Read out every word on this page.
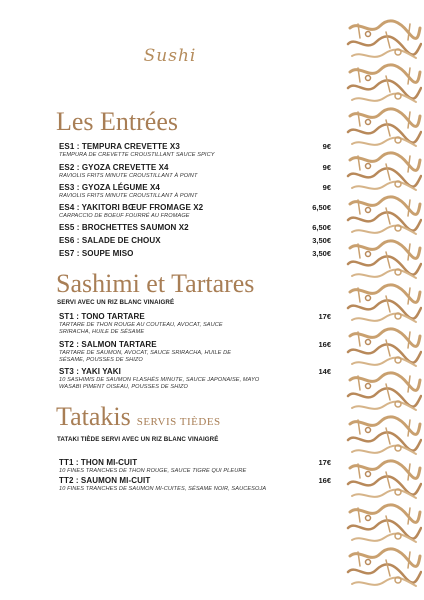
Sushi
Les Entrées
ES1 : TEMPURA CREVETTE X3	9€
TEMPURA DE CREVETTE CROUSTILLANT SAUCE SPICY
ES2 : GYOZA CREVETTE X4	9€
RAVIOLIS FRITS MINUTE CROUSTILLANT À POINT
ES3 : GYOZA LÉGUME X4	9€
RAVIOLIS FRITS MINUTE CROUSTILLANT À POINT
ES4 : YAKITORI BŒUF FROMAGE X2	6,50€
CARPACCIO DE BOEUF FOURRÉ AU FROMAGE
ES5 : BROCHETTES SAUMON X2	6,50€
ES6 : SALADE DE CHOUX	3,50€
ES7 : SOUPE MISO	3,50€
Sashimi et Tartares
SERVI AVEC UN RIZ BLANC VINAIGRÉ
ST1 : TONO TARTARE	17€
TARTARE DE THON ROUGE AU COUTEAU, AVOCAT, SAUCE SRIRACHA, HUILE DE SÉSAME
ST2 : SALMON TARTARE	16€
TARTARE DE SAUMON, AVOCAT, SAUCE SRIRACHA, HUILE DE SÉSAME, POUSSES DE SHIZO
ST3 : YAKI YAKI	14€
10 SASHIMIS DE SAUMON FLASHÉS MINUTE, SAUCE JAPONAISE, MAYO WASABI PIMENT OISEAU, POUSSES DE SHIZO
Tatakis SERVIS TIÈDES
TATAKI TIÈDE SERVI AVEC UN RIZ BLANC VINAIGRÉ
TT1 : THON MI-CUIT	17€
10 FINES TRANCHES DE THON ROUGE, SAUCE TIGRE QUI PLEURE
TT2 : SAUMON MI-CUIT	16€
10 FINES TRANCHES DE SAUMON MI-CUITES, SÉSAME NOIR, SAUCESOJA
